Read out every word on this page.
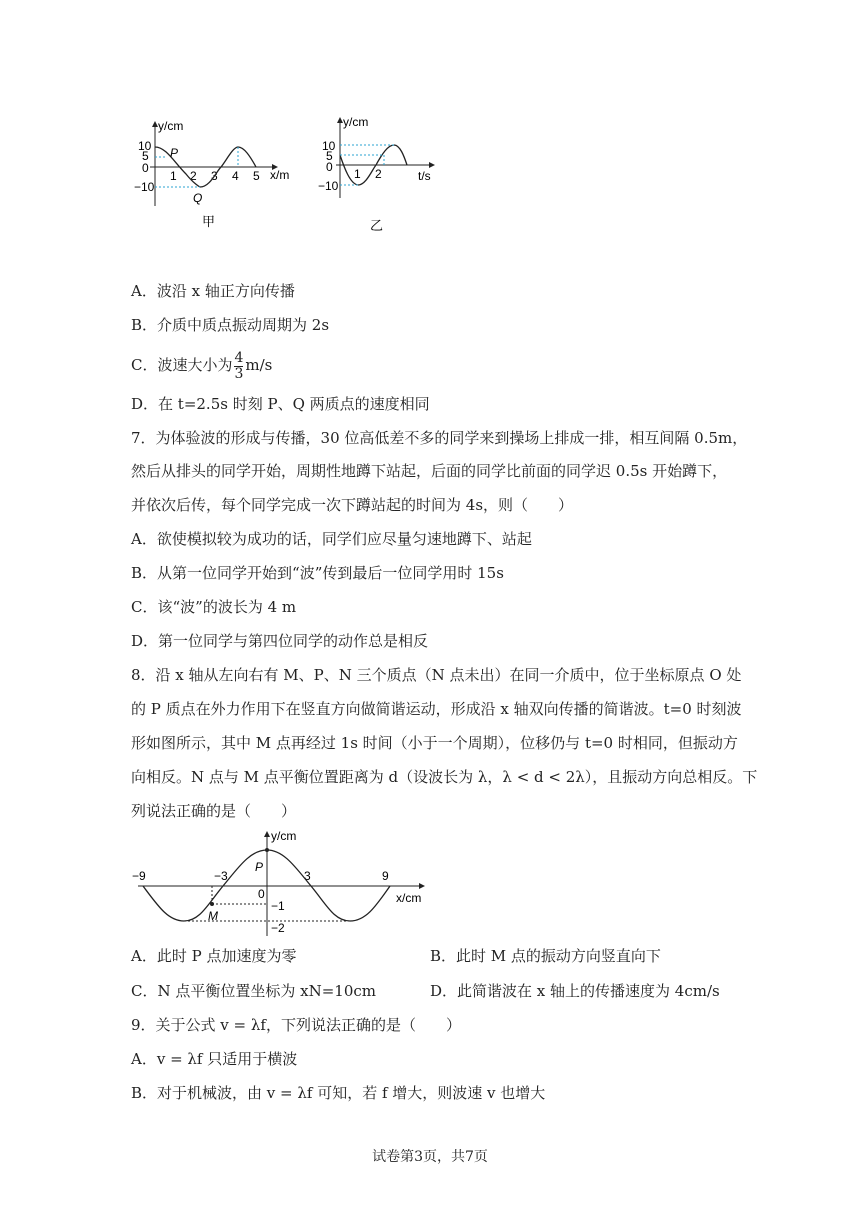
y/cm
x/m
10
5
0
−10
1 2 3 4 5
P
Q
甲
y/cm
t/s
10
5
0
−10
1 2
乙
A．波沿 x 轴正方向传播
B．介质中质点振动周期为 2s
C．波速大小为 $\frac{4}{3} m/s$
D．在 t=2.5s 时刻 P、Q 两质点的速度相同
7．为体验波的形成与传播，30 位高低差不多的同学来到操场上排成一排，相互间隔 0.5m，
然后从排头的同学开始，周期性地蹲下站起，后面的同学比前面的同学迟 0.5s 开始蹲下，
并依次后传，每个同学完成一次下蹲站起的时间为 4s，则（　　）
A．欲使模拟较为成功的话，同学们应尽量匀速地蹲下、站起
B．从第一位同学开始到“波”传到最后一位同学用时 15s
C．该“波”的波长为 4 m
D．第一位同学与第四位同学的动作总是相反
8．沿 x 轴从左向右有 M、P、N 三个质点（N 点未出）在同一介质中，位于坐标原点 O 处
的 P 质点在外力作用下在竖直方向做简谐运动，形成沿 x 轴双向传播的简谐波。t=0 时刻波
形如图所示，其中 M 点再经过 1s 时间（小于一个周期），位移仍与 t=0 时相同，但振动方
向相反。N 点与 M 点平衡位置距离为 d（设波长为 λ，λ < d < 2λ），且振动方向总相反。下
列说法正确的是（　　）
y/cm
x/cm
−9	−3
0
3	9
−1
−2
P
M
A．此时 P 点加速度为零	B．此时 M 点的振动方向竖直向下
C．N 点平衡位置坐标为 xN=10cm	D．此简谐波在 x 轴上的传播速度为 4cm/s
9．关于公式 v = λf，下列说法正确的是（　　）
A．v = λf 只适用于横波
B．对于机械波，由 v = λf 可知，若 f 增大，则波速 v 也增大
试卷第3页，共7页
